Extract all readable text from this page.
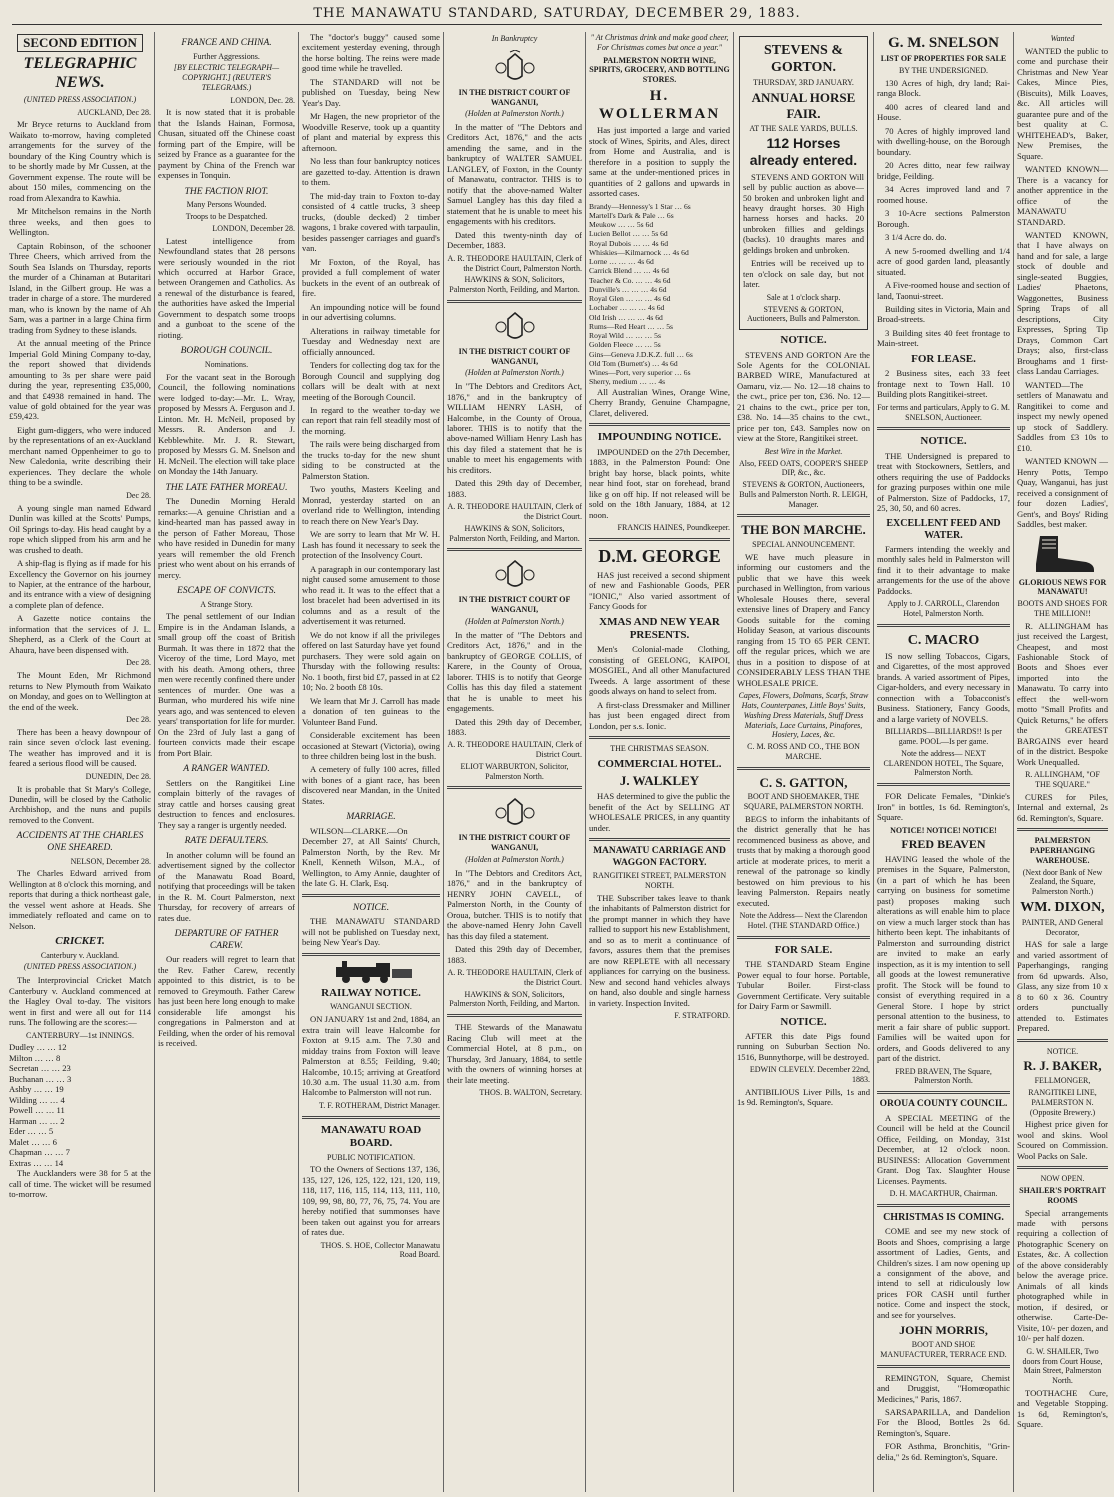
THE MANAWATU STANDARD, SATURDAY, DECEMBER 29, 1883.
SECOND EDITION
TELEGRAPHIC NEWS.
(UNITED PRESS ASSOCIATION.)
AUCKLAND, Dec 28.

Mr Bryce returns to Auckland from Waikato to-morrow, having completed arrangements for the survey of the boundary of the King Country which is to be shortly made by Mr Cussen, at the Government expense. The route will be about 150 miles, commencing on the road from Alexandra to Kawhia.

Mr Mitchelson remains in the North three weeks, and then goes to Wellington.

Captain Robinson, of the schooner Three Cheers, which arrived from the South Sea Islands on Thursday, reports the murder of a Chinaman at Butaritari Island, in the Gilbert group. He was a trader in charge of a store. The murdered man, who is known by the name of Ah Sam, was a partner in a large China firm trading from Sydney to these islands.

At the annual meeting of the Prince Imperial Gold Mining Company to-day, the report showed that dividends amounting to 3s per share were paid during the year, representing £35,000, and that £4938 remained in hand. The value of gold obtained for the year was £59,423.

Eight gum-diggers, who were induced by the representations of an ex-Auckland merchant named Oppenheimer to go to New Caledonia, write describing their experiences. They declare the whole thing to be a swindle.

Dec 28.

A young single man named Edward Dunlin was killed at the Scotts' Pumps, Oil Springs to-day. His head caught by a rope which slipped from his arm and he was crushed to death.

A ship-flag is flying as if made for his Excellency the Governor on his journey to Napier, at the entrance of the harbour, and its entrance with a view of designing a complete plan of defence.

A Gazette notice contains the information that the services of J. L. Shepherd, as a Clerk of the Court at Ahaura, have been dispensed with.

Dec 28.

The Mount Eden, Mr Richmond returns to New Plymouth from Waikato on Monday, and goes on to Wellington at the end of the week.

Dec 28.

There has been a heavy downpour of rain since seven o'clock last evening. The weather has improved and it is feared a serious flood will be caused.

DUNEDIN, Dec 28.

It is probable that St Mary's College, Dunedin, will be closed by the Catholic Archbishop, and the nuns and pupils removed to the Convent.

ACCIDENTS AT THE CHARLES ONE SHEARED.
NELSON, December 28.

The Charles Edward arrived from Wellington at 8 o'clock this morning, and reports that during a thick northeast gale, the vessel went ashore at Heads. She immediately refloated and came on to Nelson.

CRICKET.
Canterbury v. Auckland.
(UNITED PRESS ASSOCIATION.)

The Interprovincial Cricket Match Canterbury v. Auckland commenced at the Hagley Oval to-day. The visitors went in first and were all out for 114 runs. The following are the scores:—

CANTERBURY—1st INNINGS.
Dudley … … 12
Milton … … 8
Secretan … … 23
Buchanan … … 3
Ashby … … 19
Wilding … … 4
Powell … … 11
Harman … … 2
Eder … … 5
Malet … … 6
Chapman … … 7
Extras … … 14

The Aucklanders were 38 for 5 at the call of time. The wicket will be resumed to-morrow.

FRANCE AND CHINA.
Further Aggressions.
[BY ELECTRIC TELEGRAPH—COPYRIGHT.] (REUTER'S TELEGRAMS.)
LONDON, Dec. 28.

It is now stated that it is probable that the Islands Hainan, Formosa, Chusan, situated off the Chinese coast forming part of the Empire, will be seized by France as a guarantee for the payment by China of the French war expenses in Tonquin.

THE FACTION RIOT.
Many Persons Wounded.
Troops to be Despatched.
LONDON, December 28.

Latest intelligence from Newfoundland states that 28 persons were seriously wounded in the riot which occurred at Harbor Grace, between Orangemen and Catholics. As a renewal of the disturbance is feared, the authorities have asked the Imperial Government to despatch some troops and a gunboat to the scene of the rioting.

BOROUGH COUNCIL.
Nominations.

For the vacant seat in the Borough Council, the following nominations were lodged to-day:—Mr. L. Wray, proposed by Messrs A. Ferguson and J. Linton. Mr. H. McNeil, proposed by Messrs. R. Anderson and J. Kebblewhite. Mr. J. R. Stewart, proposed by Messrs G. M. Snelson and H. McNeil. The election will take place on Monday the 14th January.

THE LATE FATHER MOREAU.

The Dunedin Morning Herald remarks:—A genuine Christian and a kind-hearted man has passed away in the person of Father Moreau, Those who have resided in Dunedin for many years will remember the old French priest who went about on his errands of mercy.

ESCAPE OF CONVICTS.
A Strange Story.

The penal settlement of our Indian Empire is in the Andaman Islands, a small group off the coast of British Burmah. It was there in 1872 that the Viceroy of the time, Lord Mayo, met with his death. Among others, three men were recently confined there under sentences of murder. One was a Burman, who murdered his wife nine years ago, and was sentenced to eleven years' transportation for life for murder. On the 23rd of July last a gang of fourteen convicts made their escape from Port Blair.

A RANGER WANTED.

Settlers on the Rangitikei Line complain bitterly of the ravages of stray cattle and horses causing great destruction to fences and enclosures. They say a ranger is urgently needed.

RATE DEFAULTERS.

In another column will be found an advertisement signed by the collector of the Manawatu Road Board, notifying that proceedings will be taken in the R. M. Court Palmerston, next Thursday, for recovery of arrears of rates due.

DEPARTURE OF FATHER CAREW.

Our readers will regret to learn that the Rev. Father Carew, recently appointed to this district, is to be removed to Greymouth. Father Carew has just been here long enough to make considerable life amongst his congregations in Palmerston and at Feilding, when the order of his removal is received.

The "doctor's buggy" caused some excitement yesterday evening, through the horse bolting. The reins were made good time while he travelled.

The STANDARD will not be published on Tuesday, being New Year's Day.

Mr Hagen, the new proprietor of the Woodville Reserve, took up a quantity of plant and material by express this afternoon.

No less than four bankruptcy notices are gazetted to-day. Attention is drawn to them.

The mid-day train to Foxton to-day consisted of 4 cattle trucks, 3 sheep trucks, (double decked) 2 timber wagons, 1 brake covered with tarpaulin, besides passenger carriages and guard's van.

Mr Foxton, of the Royal, has provided a full complement of water buckets in the event of an outbreak of fire.

An impounding notice will be found in our advertising columns.

Alterations in railway timetable for Tuesday and Wednesday next are officially announced.

Tenders for collecting dog tax for the Borough Council and supplying dog collars will be dealt with at next meeting of the Borough Council.

In regard to the weather to-day we can report that rain fell steadily most of the morning.

The rails were being discharged from the trucks to-day for the new shunt siding to be constructed at the Palmerston Station.

Two youths, Masters Keeling and Monrad, yesterday started on an overland ride to Wellington, intending to reach there on New Year's Day.

We are sorry to learn that Mr W. H. Lash has found it necessary to seek the protection of the Insolvency Court.

A paragraph in our contemporary last night caused some amusement to those who read it. It was to the effect that a lost bracelet had been advertised in its columns and as a result of the advertisement it was returned.

We do not know if all the privileges offered on last Saturday have yet found purchasers. They were sold again on Thursday with the following results: No. 1 booth, first bid £7, passed in at £2 10; No. 2 booth £8 10s.

We learn that Mr J. Carroll has made a donation of ten guineas to the Volunteer Band Fund.

Considerable excitement has been occasioned at Stewart (Victoria), owing to three children being lost in the bush.

A cemetery of fully 100 acres, filled with bones of a giant race, has been discovered near Mandan, in the United States.

MARRIAGE.

WILSON—CLARKE.—On December 27, at All Saints' Church, Palmerston North, by the Rev. Mr Knell, Kenneth Wilson, M.A., of Wellington, to Amy Annie, daughter of the late G. H. Clark, Esq.

NOTICE.

THE MANAWATU STANDARD will not be published on Tuesday next, being New Year's Day.

RAILWAY NOTICE.
WANGANUI SECTION.

ON JANUARY 1st and 2nd, 1884, an extra train will leave Halcombe for Foxton at 9.15 a.m. The 7.30 and midday trains from Foxton will leave Palmerston at 8.55; Feilding, 9.40; Halcombe, 10.15; arriving at Greatford 10.30 a.m. The usual 11.30 a.m. from Halcombe to Palmerston will not run.

T. F. ROTHERAM, District Manager.
MANAWATU ROAD BOARD.
PUBLIC NOTIFICATION.

TO the Owners of Sections 137, 136, 135, 127, 126, 125, 122, 121, 120, 119, 118, 117, 116, 115, 114, 113, 111, 110, 109, 99, 98, 80, 77, 76, 75, 74. You are hereby notified that summonses have been taken out against you for arrears of rates due.

THOS. S. HOE, Collector Manawatu Road Board.
In Bankruptcy
IN THE DISTRICT COURT OF WANGANUI,
(Holden at Palmerston North.)

In the matter of "The Debtors and Creditors Act, 1876," and the acts amending the same, and in the bankruptcy of WALTER SAMUEL LANGLEY, of Foxton, in the County of Manawatu, contractor. THIS is to notify that the above-named Walter Samuel Langley has this day filed a statement that he is unable to meet his engagements with his creditors.

Dated this twenty-ninth day of December, 1883.

A. R. THEODORE HAULTAIN, Clerk of the District Court, Palmerston North.
HAWKINS & SON, Solicitors, Palmerston North, Feilding, and Marton.
IN THE DISTRICT COURT OF WANGANUI,
(Holden at Palmerston North.)

In "The Debtors and Creditors Act, 1876," and in the bankruptcy of WILLIAM HENRY LASH, of Halcombe, in the County of Oroua, laborer. THIS is to notify that the above-named William Henry Lash has this day filed a statement that he is unable to meet his engagements with his creditors.

Dated this 29th day of December, 1883.

A. R. THEODORE HAULTAIN, Clerk of the District Court.
HAWKINS & SON, Solicitors, Palmerston North, Feilding, and Marton.
IN THE DISTRICT COURT OF WANGANUI,
(Holden at Palmerston North.)

In the matter of "The Debtors and Creditors Act, 1876," and in the bankruptcy of GEORGE COLLIS, of Karere, in the County of Oroua, laborer. THIS is to notify that George Collis has this day filed a statement that he is unable to meet his engagements.

Dated this 29th day of December, 1883.

A. R. THEODORE HAULTAIN, Clerk of District Court.
ELIOT WARBURTON, Solicitor, Palmerston North.
IN THE DISTRICT COURT OF WANGANUI,
(Holden at Palmerston North.)

In "The Debtors and Creditors Act, 1876," and in the bankruptcy of HENRY JOHN CAVELL, of Palmerston North, in the County of Oroua, butcher. THIS is to notify that the above-named Henry John Cavell has this day filed a statement.

Dated this 29th day of December, 1883.

A. R. THEODORE HAULTAIN, Clerk of the District Court.
HAWKINS & SON, Solicitors, Palmerston North, Feilding, and Marton.

THE Stewards of the Manawatu Racing Club will meet at the Commercial Hotel, at 8 p.m., on Thursday, 3rd January, 1884, to settle with the owners of winning horses at their late meeting.

THOS. B. WALTON, Secretary.
" At Christmas drink and make good cheer, For Christmas comes but once a year."
PALMERSTON NORTH WINE, SPIRITS, GROCERY, AND BOTTLING STORES.
H. WOLLERMAN

Has just imported a large and varied stock of Wines, Spirits, and Ales, direct from Home and Australia, and is therefore in a position to supply the same at the under-mentioned prices in quantities of 2 gallons and upwards in assorted cases.

Brandy—Hennessy's 1 Star … 6s
Martell's Dark & Pale … 6s
Meukow … … 5s 6d
Lucien Bellot … … 5s 6d
Royal Dubois … … 4s 6d
Whiskies—Kilmarnock … 4s 6d
Lorne … … … 4s 6d
Carrick Blend … … 4s 6d
Teacher & Co. … … 4s 6d
Dunville's … … … 4s 6d
Royal Glen … … … 4s 6d
Lochaber … … … 4s 6d
Old Irish … … … 4s 6d
Rums—Red Heart … … 5s
Royal Wild … … … 5s
Golden Fleece … … 5s
Gins—Geneva J.D.K.Z. full … 6s
Old Tom (Burnett's) … 4s 6d
Wines—Port, very superior … 6s
Sherry, medium … … 4s

All Australian Wines, Orange Wine, Cherry Brandy, Genuine Champagne, Claret, delivered.

IMPOUNDING NOTICE.

IMPOUNDED on the 27th December, 1883, in the Palmerston Pound: One bright bay horse, black points, white near hind foot, star on forehead, brand like g on off hip. If not released will be sold on the 18th January, 1884, at 12 noon.

FRANCIS HAINES, Poundkeeper.
D.M. GEORGE

HAS just received a second shipment of new and Fashionable Goods, PER "IONIC," Also varied assortment of Fancy Goods for

XMAS AND NEW YEAR PRESENTS.

Men's Colonial-made Clothing, consisting of GEELONG, KAIPOI, MOSGIEL, And all other Manufactured Tweeds. A large assortment of these goods always on hand to select from.

A first-class Dressmaker and Milliner has just been engaged direct from London, per s.s. Ionic.

THE CHRISTMAS SEASON.
COMMERCIAL HOTEL.
J. WALKLEY

HAS determined to give the public the benefit of the Act by SELLING AT WHOLESALE PRICES, in any quantity under.

MANAWATU CARRIAGE AND WAGGON FACTORY.
RANGITIKEI STREET, PALMERSTON NORTH.

THE Subscriber takes leave to thank the inhabitants of Palmerston district for the prompt manner in which they have rallied to support his new Establishment, and so as to merit a continuance of favors, assures them that the premises are now REPLETE with all necessary appliances for carrying on the business. New and second hand vehicles always on hand, also double and single harness in variety. Inspection Invited.

F. STRATFORD.
STEVENS & GORTON.
THURSDAY, 3RD JANUARY.
ANNUAL HORSE FAIR.
AT THE SALE YARDS, BULLS.
112 Horses already entered.

STEVENS AND GORTON Will sell by public auction as above— 50 broken and unbroken light and heavy draught horses. 30 High harness horses and hacks. 20 unbroken fillies and geldings (backs). 10 draughts mares and geldings broken and unbroken.

Entries will be received up to ten o'clock on sale day, but not later.

Sale at 1 o'clock sharp.
STEVENS & GORTON, Auctioneers, Bulls and Palmerston.
NOTICE.

STEVENS AND GORTON Are the Sole Agents for the COLONIAL BARBED WIRE, Manufactured at Oamaru, viz.— No. 12—18 chains to the cwt., price per ton, £36. No. 12—21 chains to the cwt., price per ton, £38. No. 14—35 chains to the cwt., price per ton, £43. Samples now on view at the Store, Rangitikei street.

Best Wire in the Market.
Also, FEED OATS, COOPER'S SHEEP DIP, &c., &c.
STEVENS & GORTON, Auctioneers, Bulls and Palmerston North. R. LEIGH, Manager.
THE BON MARCHE.
SPECIAL ANNOUNCEMENT.

WE have much pleasure in informing our customers and the public that we have this week purchased in Wellington, from various Wholesale Houses there, several extensive lines of Drapery and Fancy Goods suitable for the coming Holiday Season, at various discounts ranging from 15 TO 65 PER CENT. off the regular prices, which we are thus in a position to dispose of at CONSIDERABLY LESS THAN THE WHOLESALE PRICE.

Capes, Flowers, Dolmans, Scarfs, Straw Hats, Counterpanes, Little Boys' Suits, Washing Dress Materials, Stuff Dress Materials, Lace Curtains, Pinafores, Hosiery, Laces, &c.
C. M. ROSS AND CO., THE BON MARCHE.
C. S. GATTON,
BOOT AND SHOEMAKER, THE SQUARE, PALMERSTON NORTH.

BEGS to inform the inhabitants of the district generally that he has recommenced business as above, and trusts that by making a thorough good article at moderate prices, to merit a renewal of the patronage so kindly bestowed on him previous to his leaving Palmerston. Repairs neatly executed.

Note the Address— Next the Clarendon Hotel. (THE STANDARD Office.)
FOR SALE.

THE STANDARD Steam Engine Power equal to four horse. Portable, Tubular Boiler. First-class Government Certificate. Very suitable for Dairy Farm or Sawmill.

NOTICE.

AFTER this date Pigs found running on Suburban Section No. 1516, Bunnythorpe, will be destroyed.

EDWIN CLEVELY. December 22nd, 1883.

ANTIBILIOUS Liver Pills, 1s and 1s 9d. Remington's, Square.

G. M. SNELSON
LIST OF PROPERTIES FOR SALE
BY THE UNDERSIGNED.

130 Acres of high, dry land; Rai-ranga Block.

400 acres of cleared land and House.

70 Acres of highly improved land with dwelling-house, on the Borough boundary.

20 Acres ditto, near few railway bridge, Feilding.

34 Acres improved land and 7 roomed house.

3 10-Acre sections Palmerston Borough.

3 1/4 Acre do. do.

A new 5-roomed dwelling and 1/4 acre of good garden land, pleasantly situated.

A Five-roomed house and section of land, Taonui-street.

Building sites in Victoria, Main and Broad-streets.

3 Building sites 40 feet frontage to Main-street.

FOR LEASE.

2 Business sites, each 33 feet frontage next to Town Hall. 10 Building plots Rangitikei-street.

For terms and particulars, Apply to G. M. SNELSON, Auctioneer.
NOTICE.

THE Undersigned is prepared to treat with Stockowners, Settlers, and others requiring the use of Paddocks for grazing purposes within one mile of Palmerston. Size of Paddocks, 17, 25, 30, 50, and 60 acres.

EXCELLENT FEED AND WATER.

Farmers intending the weekly and monthly sales held in Palmerston will find it to their advantage to make arrangements for the use of the above Paddocks.

Apply to J. CARROLL, Clarendon Hotel, Palmerston North.
C. MACRO

IS now selling Tobaccos, Cigars, and Cigarettes, of the most approved brands. A varied assortment of Pipes, Cigar-holders, and every necessary in connection with a Tobacconist's Business. Stationery, Fancy Goods, and a large variety of NOVELS.

BILLIARDS—BILLIARDS!! Is per game. POOL—Is per game.
Note the address— NEXT CLARENDON HOTEL, The Square, Palmerston North.

FOR Delicate Females, "Dinkie's Iron" in bottles, 1s 6d. Remington's, Square.

NOTICE! NOTICE! NOTICE!
FRED BEAVEN

HAVING leased the whole of the premises in the Square, Palmerston, (in a part of which he has been carrying on business for sometime past) proposes making such alterations as will enable him to place on view a much larger stock than has hitherto been kept. The inhabitants of Palmerston and surrounding district are invited to make an early inspection, as it is my intention to sell all goods at the lowest remunerative profit. The Stock will be found to consist of everything required in a General Store. I hope by strict personal attention to the business, to merit a fair share of public support. Families will be waited upon for orders, and Goods delivered to any part of the district.

FRED BRAVEN, The Square, Palmerston North.
OROUA COUNTY COUNCIL.

A SPECIAL MEETING of the Council will be held at the Council Office, Feilding, on Monday, 31st December, at 12 o'clock noon. BUSINESS: Allocation Government Grant. Dog Tax. Slaughter House Licenses. Payments.

D. H. MACARTHUR, Chairman.
CHRISTMAS IS COMING.

COME and see my new stock of Boots and Shoes, comprising a large assortment of Ladies, Gents, and Children's sizes. I am now opening up a consignment of the above, and intend to sell at ridiculously low prices FOR CASH until further notice. Come and inspect the stock, and see for yourselves.

JOHN MORRIS,
BOOT AND SHOE MANUFACTURER, TERRACE END.

REMINGTON, Square, Chemist and Druggist, "Homœopathic Medicines," Paris, 1867.

SARSAPARILLA, and Dandelion For the Blood, Bottles 2s 6d. Remington's, Square.

FOR Asthma, Bronchitis, "Grin-delia," 2s 6d. Remington's, Square.

Wanted

WANTED the public to come and purchase their Christmas and New Year Cakes, Mince Pies, (Biscuits), Milk Loaves, &c. All articles will guarantee pure and of the best quality at C. WHITEHEAD's, Baker, New Premises, the Square.

WANTED KNOWN—There is a vacancy for another apprentice in the office of the MANAWATU STANDARD.

WANTED KNOWN, that I have always on hand and for sale, a large stock of double and single-seated Buggies, Ladies' Phaetons, Waggonettes, Business Spring Traps of all descriptions, City Expresses, Spring Tip Drays, Common Cart Drays; also, first-class Broughams and 1 first-class Landau Carriages.

WANTED—The settlers of Manawatu and Rangitikei to come and inspect my newly opened up stock of Saddlery. Saddles from £3 10s to £10.

WANTED KNOWN — Henry Potts, Tempo Quay, Wanganui, has just received a consignment of four dozen Ladies', Gent's, and Boys' Riding Saddles, best maker.

GLORIOUS NEWS FOR MANAWATU!
BOOTS AND SHOES FOR THE MILLION!!

R. ALLINGHAM has just received the Largest, Cheapest, and most Fashionable Stock of Boots and Shoes ever imported into the Manawatu. To carry into effect the well-worn motto "Small Profits and Quick Returns," he offers the GREATEST BARGAINS ever heard of in the district. Bespoke Work Unequalled.

R. ALLINGHAM, "OF THE SQUARE."

CURES for Piles, Internal and external, 2s 6d. Remington's, Square.

PALMERSTON PAPERHANGING WAREHOUSE.
(Next door Bank of New Zealand, the Square, Palmerston North.)
WM. DIXON,
PAINTER, AND General Decorator,

HAS for sale a large and varied assortment of Paperhangings, ranging from 6d upwards. Also, Glass, any size from 10 x 8 to 60 x 36. Country orders punctually attended to. Estimates Prepared.

NOTICE.
R. J. BAKER,
FELLMONGER,
RANGITIKEI LINE, PALMERSTON N. (Opposite Brewery.)

Highest price given for wool and skins. Wool Scoured on Commission. Wool Packs on Sale.

NOW OPEN.
SHAILER'S PORTRAIT ROOMS

Special arrangements made with persons requiring a collection of Photographic Scenery on Estates, &c. A collection of the above considerably below the average price. Animals of all kinds photographed while in motion, if desired, or otherwise. Carte-De-Visite, 10/- per dozen, and 10/- per half dozen.

G. W. SHAILER, Two doors from Court House, Main Street, Palmerston North.

TOOTHACHE Cure, and Vegetable Stopping. 1s 6d, Remington's, Square.
